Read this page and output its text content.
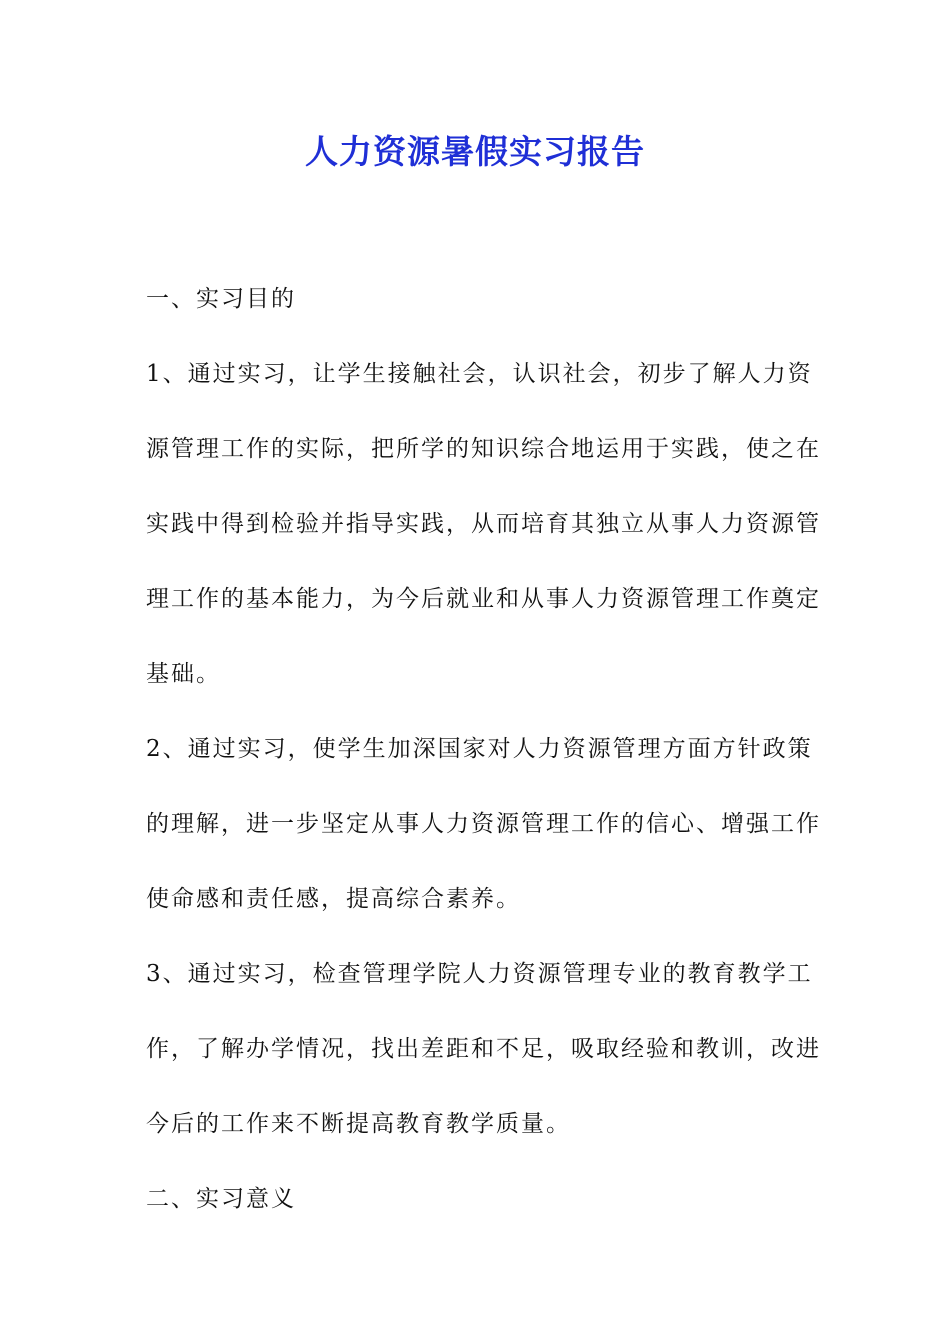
人力资源暑假实习报告

一、实习目的

1、通过实习，让学生接触社会，认识社会，初步了解人力资源管理工作的实际，把所学的知识综合地运用于实践，使之在实践中得到检验并指导实践，从而培育其独立从事人力资源管理工作的基本能力，为今后就业和从事人力资源管理工作奠定基础。

2、通过实习，使学生加深国家对人力资源管理方面方针政策的理解，进一步坚定从事人力资源管理工作的信心、增强工作使命感和责任感，提高综合素养。

3、通过实习，检查管理学院人力资源管理专业的教育教学工作，了解办学情况，找出差距和不足，吸取经验和教训，改进今后的工作来不断提高教育教学质量。

二、实习意义
